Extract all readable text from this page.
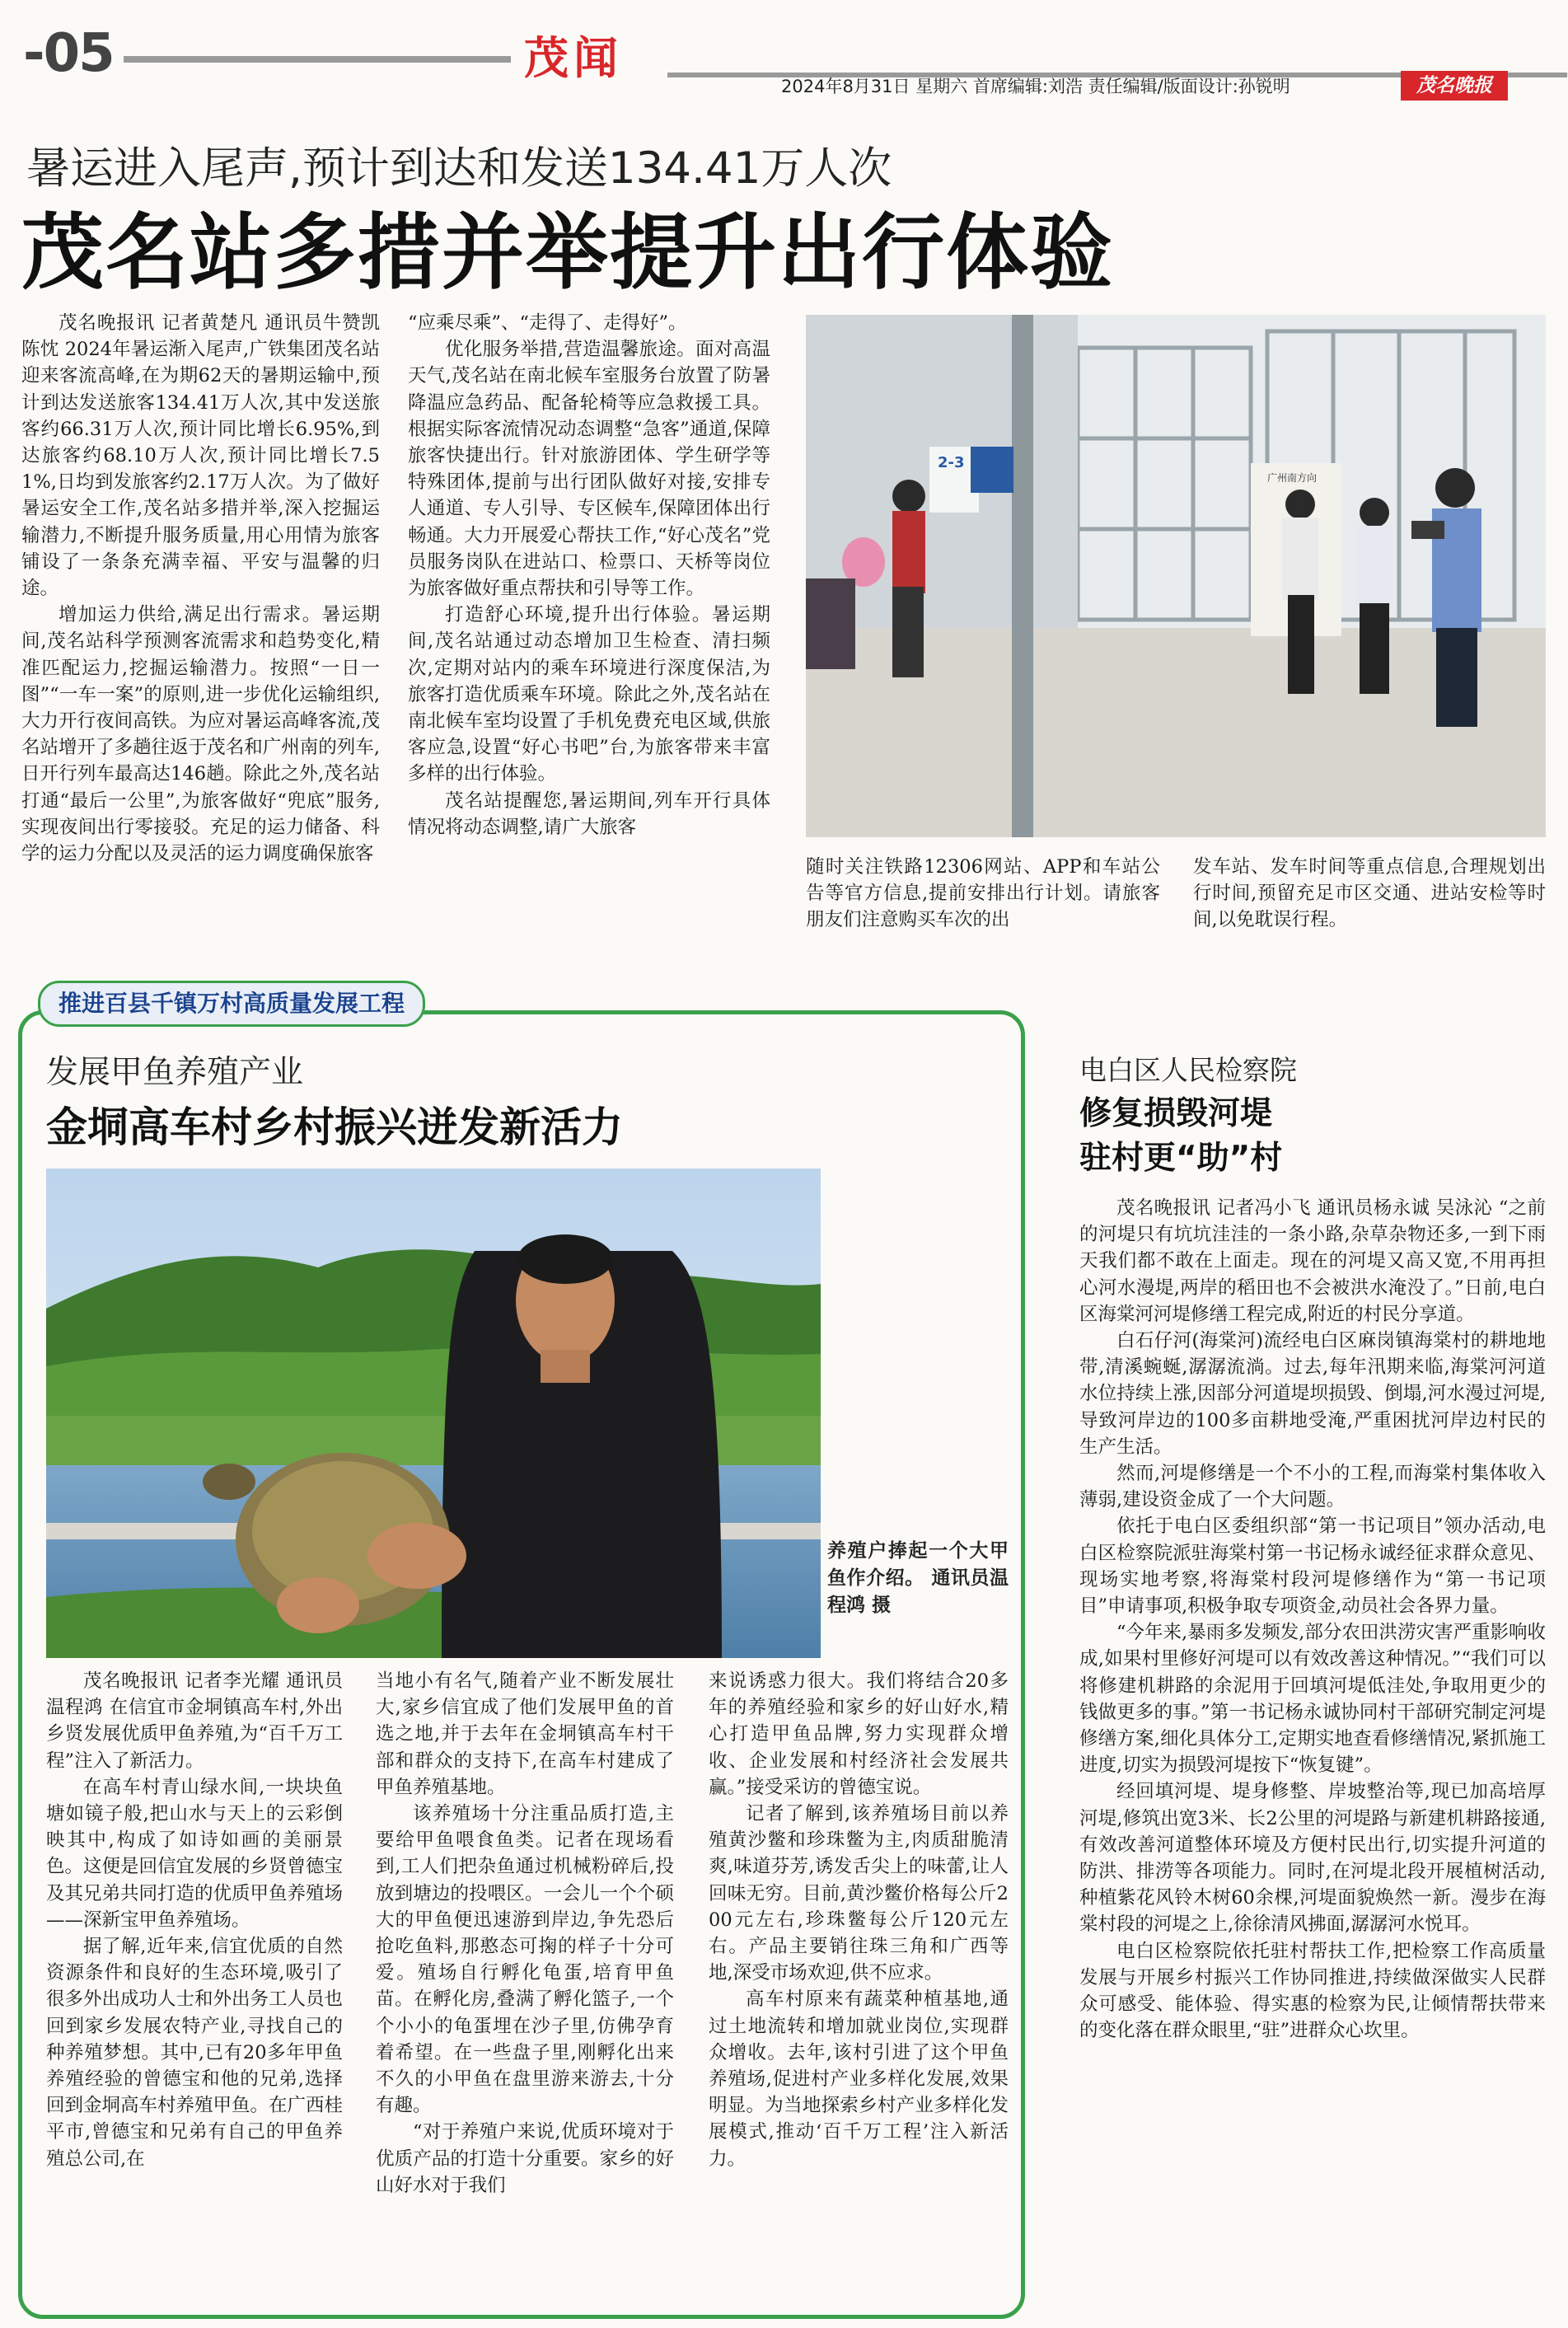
-05	茂闻
2024年8月31日 星期六 首席编辑:刘浩 责任编辑/版面设计:孙锐明	茂名晚报
暑运进入尾声,预计到达和发送134.41万人次
茂名站多措并举提升出行体验

茂名晚报讯 记者黄楚凡 通讯员牛赞凯 陈忱 2024年暑运渐入尾声,广铁集团茂名站迎来客流高峰,在为期62天的暑期运输中,预计到达发送旅客134.41万人次,其中发送旅客约66.31万人次,预计同比增长6.95%,到达旅客约68.10万人次,预计同比增长7.51%,日均到发旅客约2.17万人次。为了做好暑运安全工作,茂名站多措并举,深入挖掘运输潜力,不断提升服务质量,用心用情为旅客铺设了一条条充满幸福、平安与温馨的归途。

增加运力供给,满足出行需求。暑运期间,茂名站科学预测客流需求和趋势变化,精准匹配运力,挖掘运输潜力。按照“一日一图”“一车一案”的原则,进一步优化运输组织,大力开行夜间高铁。为应对暑运高峰客流,茂名站增开了多趟往返于茂名和广州南的列车,日开行列车最高达146趟。除此之外,茂名站打通“最后一公里”,为旅客做好“兜底”服务,实现夜间出行零接驳。充足的运力储备、科学的运力分配以及灵活的运力调度确保旅客

“应乘尽乘”、“走得了、走得好”。

优化服务举措,营造温馨旅途。面对高温天气,茂名站在南北候车室服务台放置了防暑降温应急药品、配备轮椅等应急救援工具。根据实际客流情况动态调整“急客”通道,保障旅客快捷出行。针对旅游团体、学生研学等特殊团体,提前与出行团队做好对接,安排专人通道、专人引导、专区候车,保障团体出行畅通。大力开展爱心帮扶工作,“好心茂名”党员服务岗队在进站口、检票口、天桥等岗位为旅客做好重点帮扶和引导等工作。

打造舒心环境,提升出行体验。暑运期间,茂名站通过动态增加卫生检查、清扫频次,定期对站内的乘车环境进行深度保洁,为旅客打造优质乘车环境。除此之外,茂名站在南北候车室均设置了手机免费充电区域,供旅客应急,设置“好心书吧”台,为旅客带来丰富多样的出行体验。

茂名站提醒您,暑运期间,列车开行具体情况将动态调整,请广大旅客

2-3
广州南方向

随时关注铁路12306网站、APP和车站公告等官方信息,提前安排出行计划。请旅客朋友们注意购买车次的出

发车站、发车时间等重点信息,合理规划出行时间,预留充足市区交通、进站安检等时间,以免耽误行程。

推进百县千镇万村高质量发展工程
发展甲鱼养殖产业
金垌高车村乡村振兴迸发新活力
养殖户捧起一个大甲鱼作介绍。 通讯员温程鸿 摄

茂名晚报讯 记者李光耀 通讯员温程鸿 在信宜市金垌镇高车村,外出乡贤发展优质甲鱼养殖,为“百千万工程”注入了新活力。

在高车村青山绿水间,一块块鱼塘如镜子般,把山水与天上的云彩倒映其中,构成了如诗如画的美丽景色。这便是回信宜发展的乡贤曾德宝及其兄弟共同打造的优质甲鱼养殖场——深新宝甲鱼养殖场。

据了解,近年来,信宜优质的自然资源条件和良好的生态环境,吸引了很多外出成功人士和外出务工人员也回到家乡发展农特产业,寻找自己的种养殖梦想。其中,已有20多年甲鱼养殖经验的曾德宝和他的兄弟,选择回到金垌高车村养殖甲鱼。在广西桂平市,曾德宝和兄弟有自己的甲鱼养殖总公司,在

当地小有名气,随着产业不断发展壮大,家乡信宜成了他们发展甲鱼的首选之地,并于去年在金垌镇高车村干部和群众的支持下,在高车村建成了甲鱼养殖基地。

该养殖场十分注重品质打造,主要给甲鱼喂食鱼类。记者在现场看到,工人们把杂鱼通过机械粉碎后,投放到塘边的投喂区。一会儿一个个硕大的甲鱼便迅速游到岸边,争先恐后抢吃鱼料,那憨态可掬的样子十分可爱。殖场自行孵化龟蛋,培育甲鱼苗。在孵化房,叠满了孵化篮子,一个个小小的龟蛋埋在沙子里,仿佛孕育着希望。在一些盘子里,刚孵化出来不久的小甲鱼在盘里游来游去,十分有趣。

“对于养殖户来说,优质环境对于优质产品的打造十分重要。家乡的好山好水对于我们

来说诱惑力很大。我们将结合20多年的养殖经验和家乡的好山好水,精心打造甲鱼品牌,努力实现群众增收、企业发展和村经济社会发展共赢。”接受采访的曾德宝说。

记者了解到,该养殖场目前以养殖黄沙鳖和珍珠鳖为主,肉质甜脆清爽,味道芬芳,诱发舌尖上的味蕾,让人回味无穷。目前,黄沙鳖价格每公斤200元左右,珍珠鳖每公斤120元左右。产品主要销往珠三角和广西等地,深受市场欢迎,供不应求。

高车村原来有蔬菜种植基地,通过土地流转和增加就业岗位,实现群众增收。去年,该村引进了这个甲鱼养殖场,促进村产业多样化发展,效果明显。为当地探索乡村产业多样化发展模式,推动‘百千万工程’注入新活力。

电白区人民检察院
修复损毁河堤
驻村更“助”村

茂名晚报讯 记者冯小飞 通讯员杨永诚 吴泳沁 “之前的河堤只有坑坑洼洼的一条小路,杂草杂物还多,一到下雨天我们都不敢在上面走。现在的河堤又高又宽,不用再担心河水漫堤,两岸的稻田也不会被洪水淹没了。”日前,电白区海棠河河堤修缮工程完成,附近的村民分享道。

白石仔河(海棠河)流经电白区麻岗镇海棠村的耕地地带,清溪蜿蜒,潺潺流淌。过去,每年汛期来临,海棠河河道水位持续上涨,因部分河道堤坝损毁、倒塌,河水漫过河堤,导致河岸边的100多亩耕地受淹,严重困扰河岸边村民的生产生活。

然而,河堤修缮是一个不小的工程,而海棠村集体收入薄弱,建设资金成了一个大问题。

依托于电白区委组织部“第一书记项目”领办活动,电白区检察院派驻海棠村第一书记杨永诚经征求群众意见、现场实地考察,将海棠村段河堤修缮作为“第一书记项目”申请事项,积极争取专项资金,动员社会各界力量。

“今年来,暴雨多发频发,部分农田洪涝灾害严重影响收成,如果村里修好河堤可以有效改善这种情况。”“我们可以将修建机耕路的余泥用于回填河堤低洼处,争取用更少的钱做更多的事。”第一书记杨永诚协同村干部研究制定河堤修缮方案,细化具体分工,定期实地查看修缮情况,紧抓施工进度,切实为损毁河堤按下“恢复键”。

经回填河堤、堤身修整、岸坡整治等,现已加高培厚河堤,修筑出宽3米、长2公里的河堤路与新建机耕路接通,有效改善河道整体环境及方便村民出行,切实提升河道的防洪、排涝等各项能力。同时,在河堤北段开展植树活动,种植紫花风铃木树60余棵,河堤面貌焕然一新。漫步在海棠村段的河堤之上,徐徐清风拂面,潺潺河水悦耳。

电白区检察院依托驻村帮扶工作,把检察工作高质量发展与开展乡村振兴工作协同推进,持续做深做实人民群众可感受、能体验、得实惠的检察为民,让倾情帮扶带来的变化落在群众眼里,“驻”进群众心坎里。
